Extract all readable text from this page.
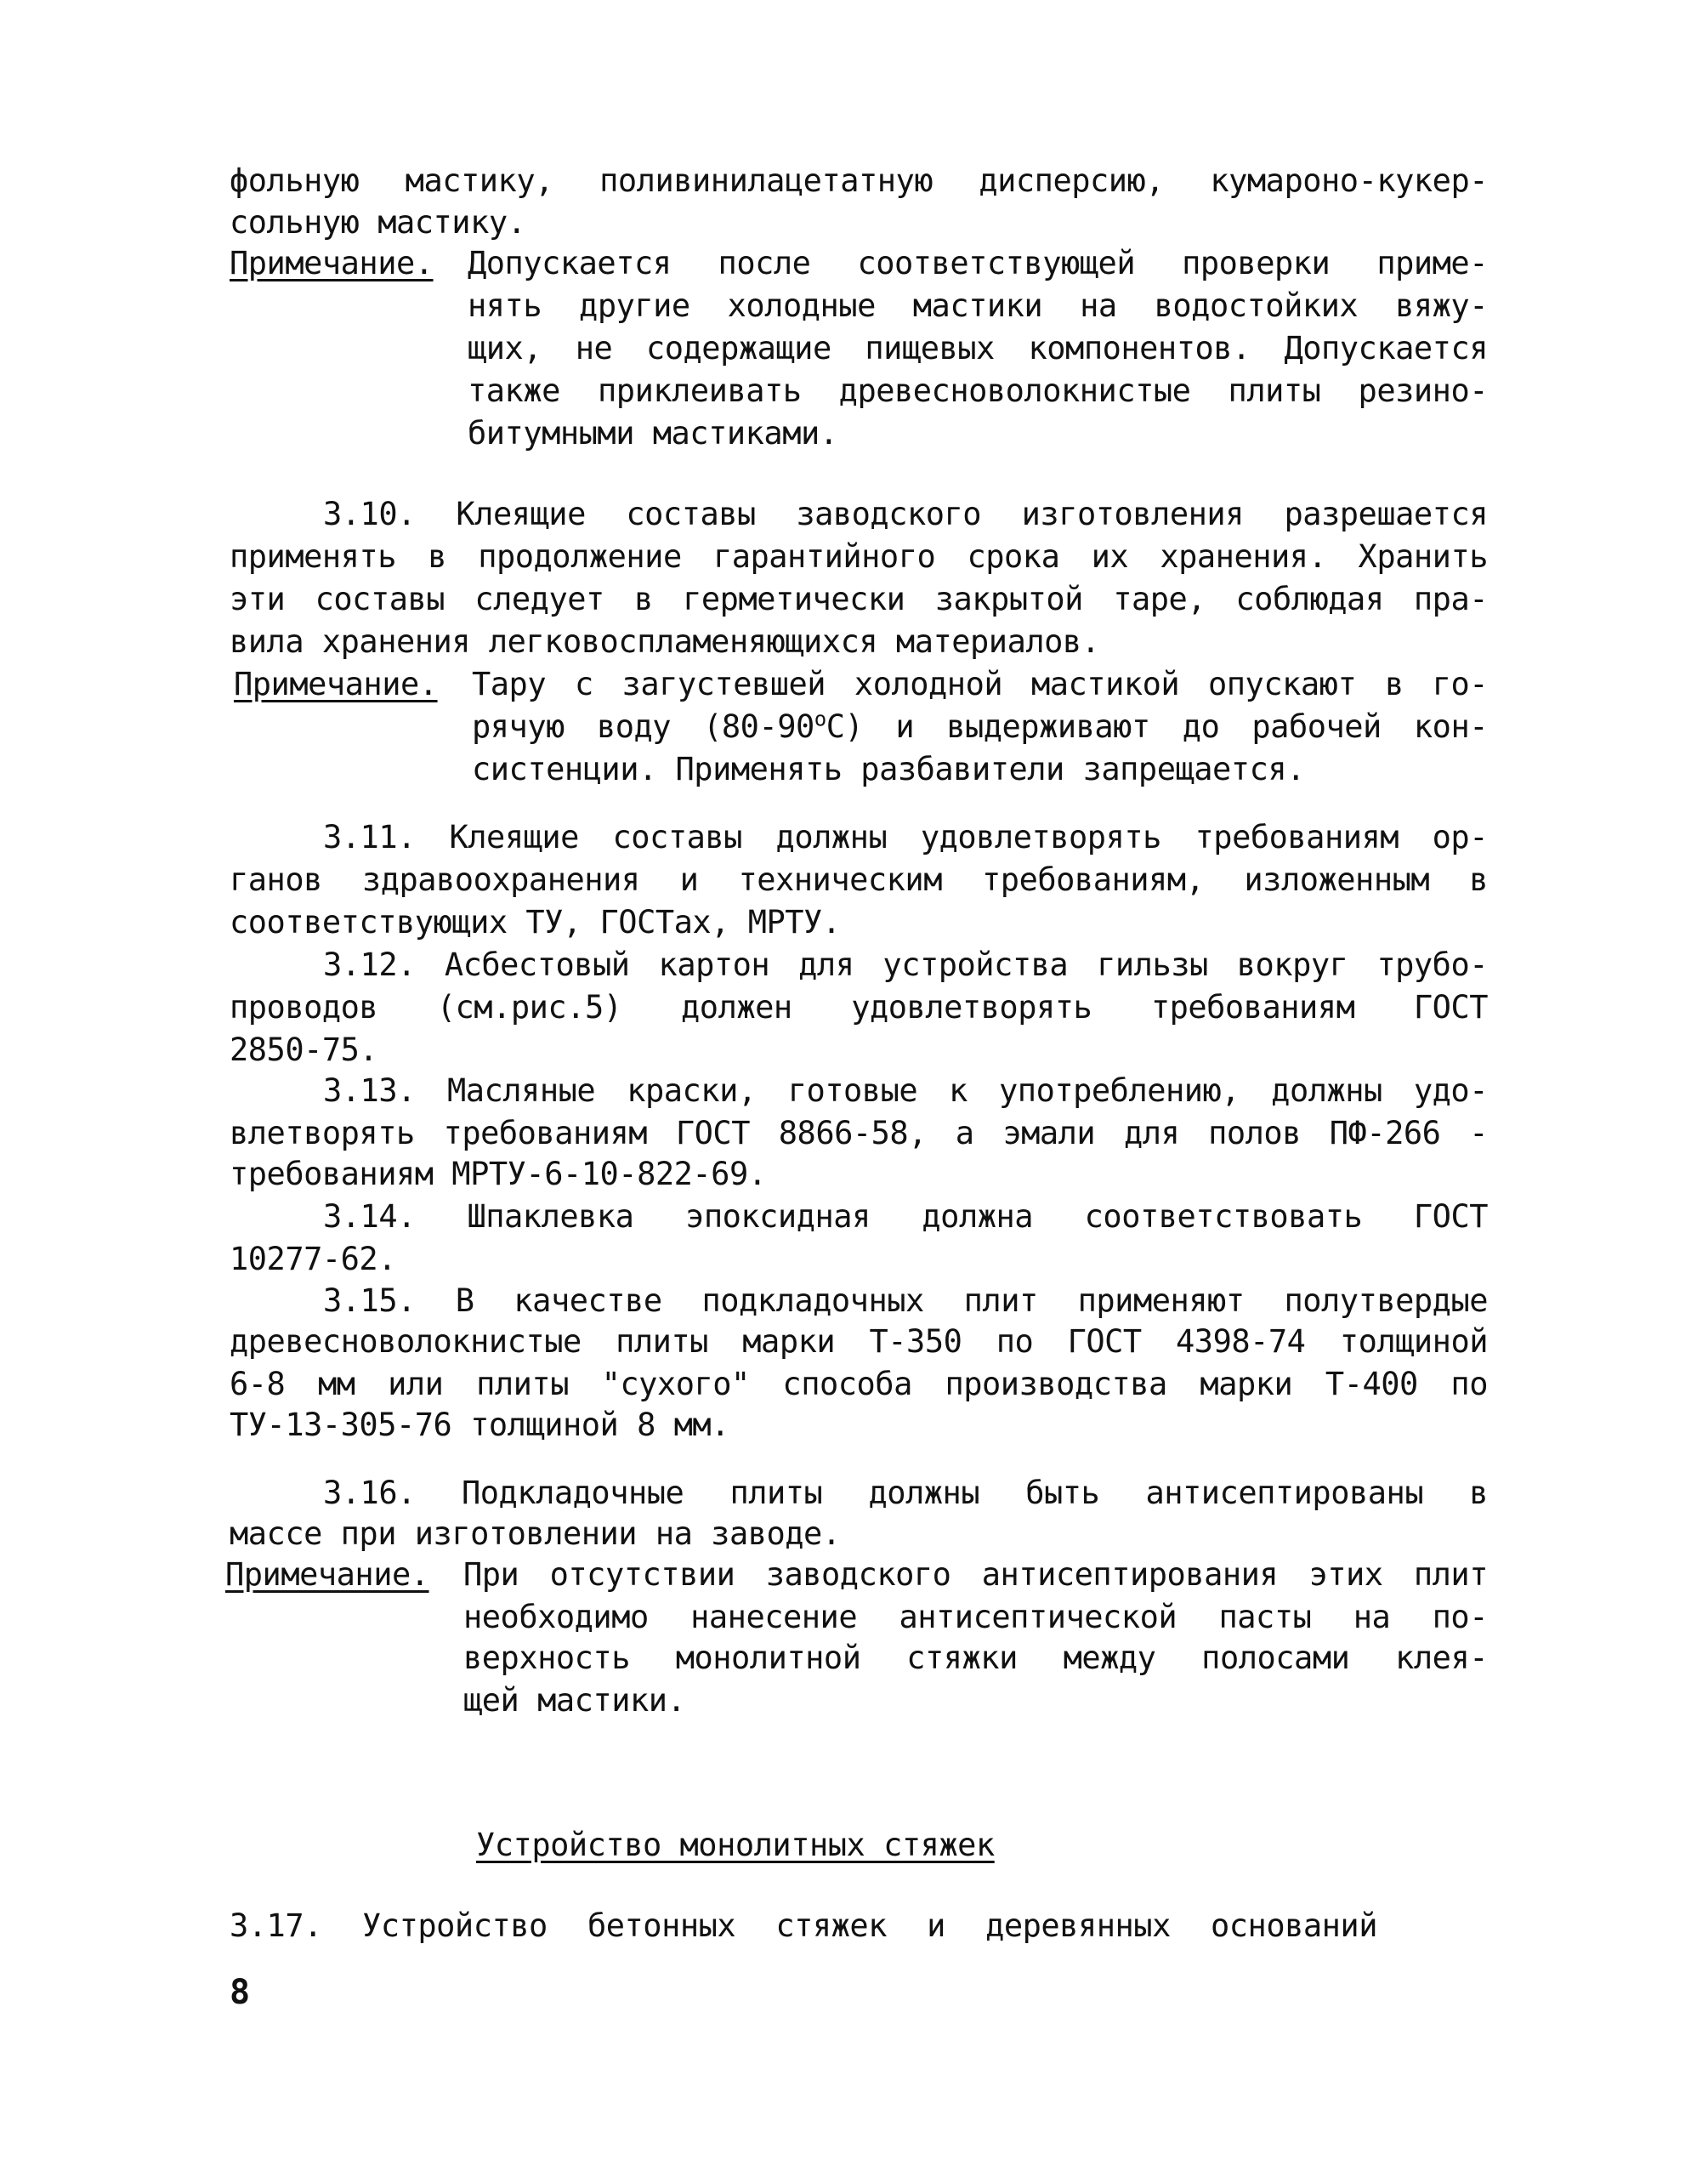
фольную мастику, поливинилацетатную дисперсию, кумароно-кукер-
сольную мастику.
Примечание. Допускается после соответствующей проверки приме-
нять другие холодные мастики на водостойких вяжу-
щих, не содержащие пищевых компонентов. Допускается
также приклеивать древесноволокнистые плиты резино-
битумными мастиками.
3.10. Клеящие составы заводского изготовления разрешается
применять в продолжение гарантийного срока их хранения. Хранить
эти составы следует в герметически закрытой таре, соблюдая пра-
вила хранения легковоспламеняющихся материалов.
Примечание. Тару с загустевшей холодной мастикой опускают в го-
рячую воду $(80-90^оС)$ и выдерживают до рабочей кон-
систенции. Применять разбавители запрещается.
3.11. Клеящие составы должны удовлетворять требованиям ор-
ганов здравоохранения и техническим требованиям, изложенным в
соответствующих ТУ, ГОСТах, МРТУ.
3.12. Асбестовый картон для устройства гильзы вокруг трубо-
проводов (см.рис.5) должен удовлетворять требованиям ГОСТ
2850-75.
3.13. Масляные краски, готовые к употреблению, должны удо-
влетворять требованиям ГОСТ 8866-58, а эмали для полов ПФ-266 -
требованиям МРТУ-6-10-822-69.
3.14. Шпаклевка эпоксидная должна соответствовать ГОСТ
10277-62.
3.15. В качестве подкладочных плит применяют полутвердые
древесноволокнистые плиты марки Т-350 по ГОСТ 4398-74 толщиной
6-8 мм или плиты "сухого" способа производства марки Т-400 по
ТУ-13-305-76 толщиной 8 мм.
3.16. Подкладочные плиты должны быть антисептированы в
массе при изготовлении на заводе.
Примечание. При отсутствии заводского антисептирования этих плит
необходимо нанесение антисептической пасты на по-
верхность монолитной стяжки между полосами клея-
щей мастики.
Устройство монолитных стяжек
3.17. Устройство бетонных стяжек и деревянных оснований
8
